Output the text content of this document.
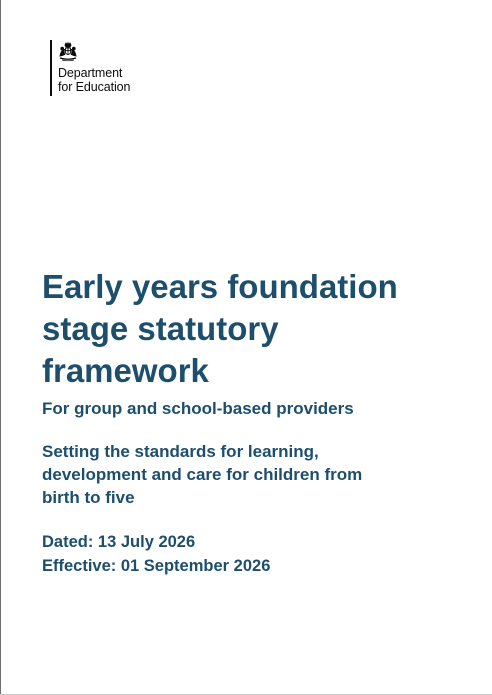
Department
for Education
Early years foundation
stage statutory
framework

For group and school-based providers

Setting the standards for learning,
development and care for children from
birth to five

Dated: 13 July 2026

Effective: 01 September 2026
